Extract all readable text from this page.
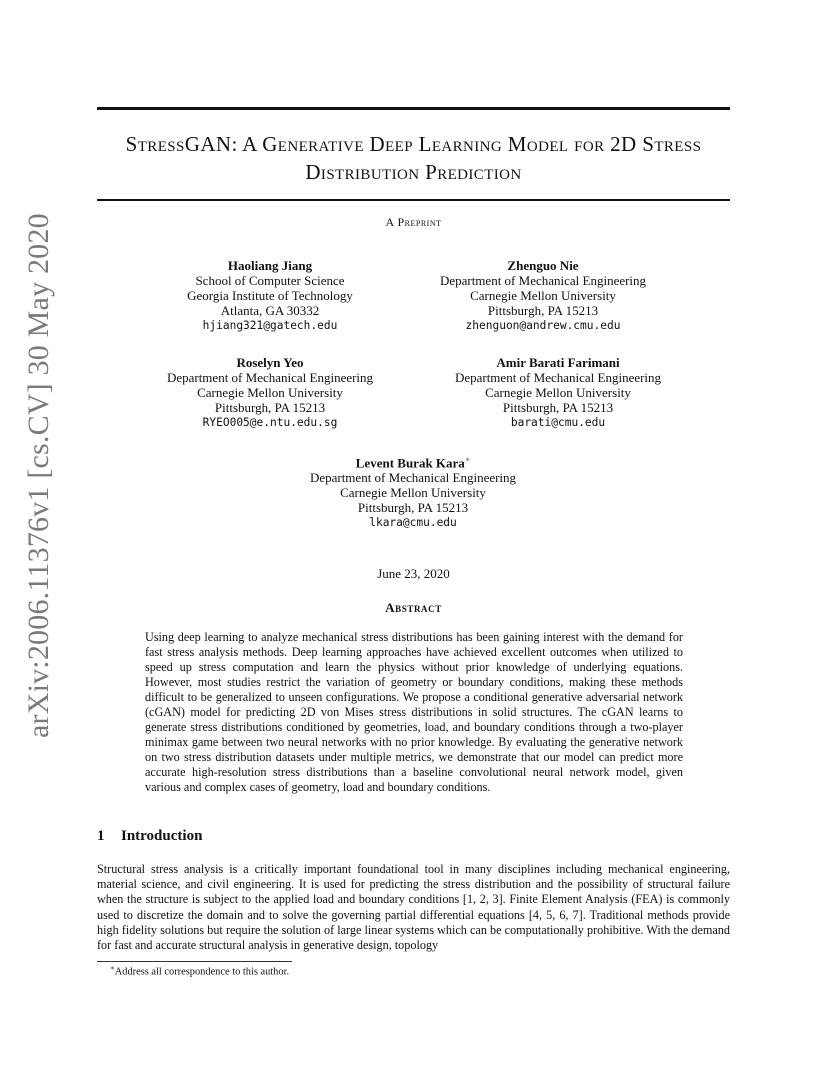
arXiv:2006.11376v1 [cs.CV] 30 May 2020
StressGAN: A Generative Deep Learning Model for 2D Stress
Distribution Prediction
A Preprint
Haoliang Jiang
School of Computer Science
Georgia Institute of Technology
Atlanta, GA 30332
hjiang321@gatech.edu
Zhenguo Nie
Department of Mechanical Engineering
Carnegie Mellon University
Pittsburgh, PA 15213
zhenguon@andrew.cmu.edu
Roselyn Yeo
Department of Mechanical Engineering
Carnegie Mellon University
Pittsburgh, PA 15213
RYEO005@e.ntu.edu.sg
Amir Barati Farimani
Department of Mechanical Engineering
Carnegie Mellon University
Pittsburgh, PA 15213
barati@cmu.edu
Levent Burak Kara∗
Department of Mechanical Engineering
Carnegie Mellon University
Pittsburgh, PA 15213
lkara@cmu.edu
June 23, 2020
Abstract
Using deep learning to analyze mechanical stress distributions has been gaining interest with the demand for fast stress analysis methods. Deep learning approaches have achieved excellent outcomes when utilized to speed up stress computation and learn the physics without prior knowledge of underlying equations. However, most studies restrict the variation of geometry or boundary conditions, making these methods difficult to be generalized to unseen configurations. We propose a conditional generative adversarial network (cGAN) model for predicting 2D von Mises stress distributions in solid structures. The cGAN learns to generate stress distributions conditioned by geometries, load, and boundary conditions through a two-player minimax game between two neural networks with no prior knowledge. By evaluating the generative network on two stress distribution datasets under multiple metrics, we demonstrate that our model can predict more accurate high-resolution stress distributions than a baseline convolutional neural network model, given various and complex cases of geometry, load and boundary conditions.
1 Introduction
Structural stress analysis is a critically important foundational tool in many disciplines including mechanical engineering, material science, and civil engineering. It is used for predicting the stress distribution and the possibility of structural failure when the structure is subject to the applied load and boundary conditions [1, 2, 3]. Finite Element Analysis (FEA) is commonly used to discretize the domain and to solve the governing partial differential equations [4, 5, 6, 7]. Traditional methods provide high fidelity solutions but require the solution of large linear systems which can be computationally prohibitive. With the demand for fast and accurate structural analysis in generative design, topology
∗Address all correspondence to this author.
